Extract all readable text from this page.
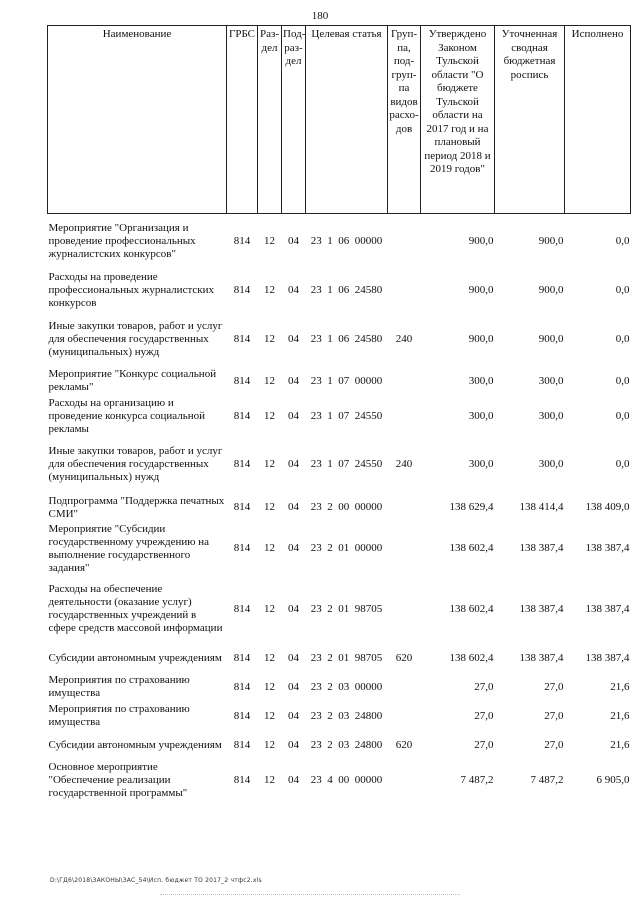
180
Наименование	ГРБС	Раз-дел	Под-раз-дел	Целевая статья	Груп-па, под-груп-па видов расхо-дов	Утверждено Законом Тульской области "О бюджете Тульской области на 2017 год и на плановый период 2018 и 2019 годов"	Уточненная сводная бюджетная роспись	Исполнено
Мероприятие "Организация и проведение профессиональных журналистских конкурсов"	814	12	04	23  1  06  00000		900,0	900,0	0,0
Расходы на проведение профессиональных журналистских конкурсов	814	12	04	23  1  06  24580		900,0	900,0	0,0
Иные закупки товаров, работ и услуг для обеспечения государственных (муниципальных) нужд	814	12	04	23  1  06  24580	240	900,0	900,0	0,0
Мероприятие "Конкурс социальной рекламы"	814	12	04	23  1  07  00000		300,0	300,0	0,0
Расходы на организацию и проведение конкурса социальной рекламы	814	12	04	23  1  07  24550		300,0	300,0	0,0
Иные закупки товаров, работ и услуг для обеспечения государственных (муниципальных) нужд	814	12	04	23  1  07  24550	240	300,0	300,0	0,0
Подпрограмма "Поддержка печатных СМИ"	814	12	04	23  2  00  00000		138 629,4	138 414,4	138 409,0
Мероприятие "Субсидии государственному учреждению на выполнение государственного задания"	814	12	04	23  2  01  00000		138 602,4	138 387,4	138 387,4
Расходы на обеспечение деятельности (оказание услуг) государственных учреждений в сфере средств массовой информации	814	12	04	23  2  01  98705		138 602,4	138 387,4	138 387,4
Субсидии автономным учреждениям	814	12	04	23  2  01  98705	620	138 602,4	138 387,4	138 387,4
Мероприятия по страхованию имущества	814	12	04	23  2  03  00000		27,0	27,0	21,6
Мероприятия по страхованию имущества	814	12	04	23  2  03  24800		27,0	27,0	21,6
Субсидии автономным учреждениям	814	12	04	23  2  03  24800	620	27,0	27,0	21,6
Основное мероприятие "Обеспечение реализации государственной программы"	814	12	04	23  4  00  00000		7 487,2	7 487,2	6 905,0
D:\ГД6\2018\ЗАКОНЫ\ЗАС_54\Исп. бюджет ТО 2017_2 чтфс2.xls
